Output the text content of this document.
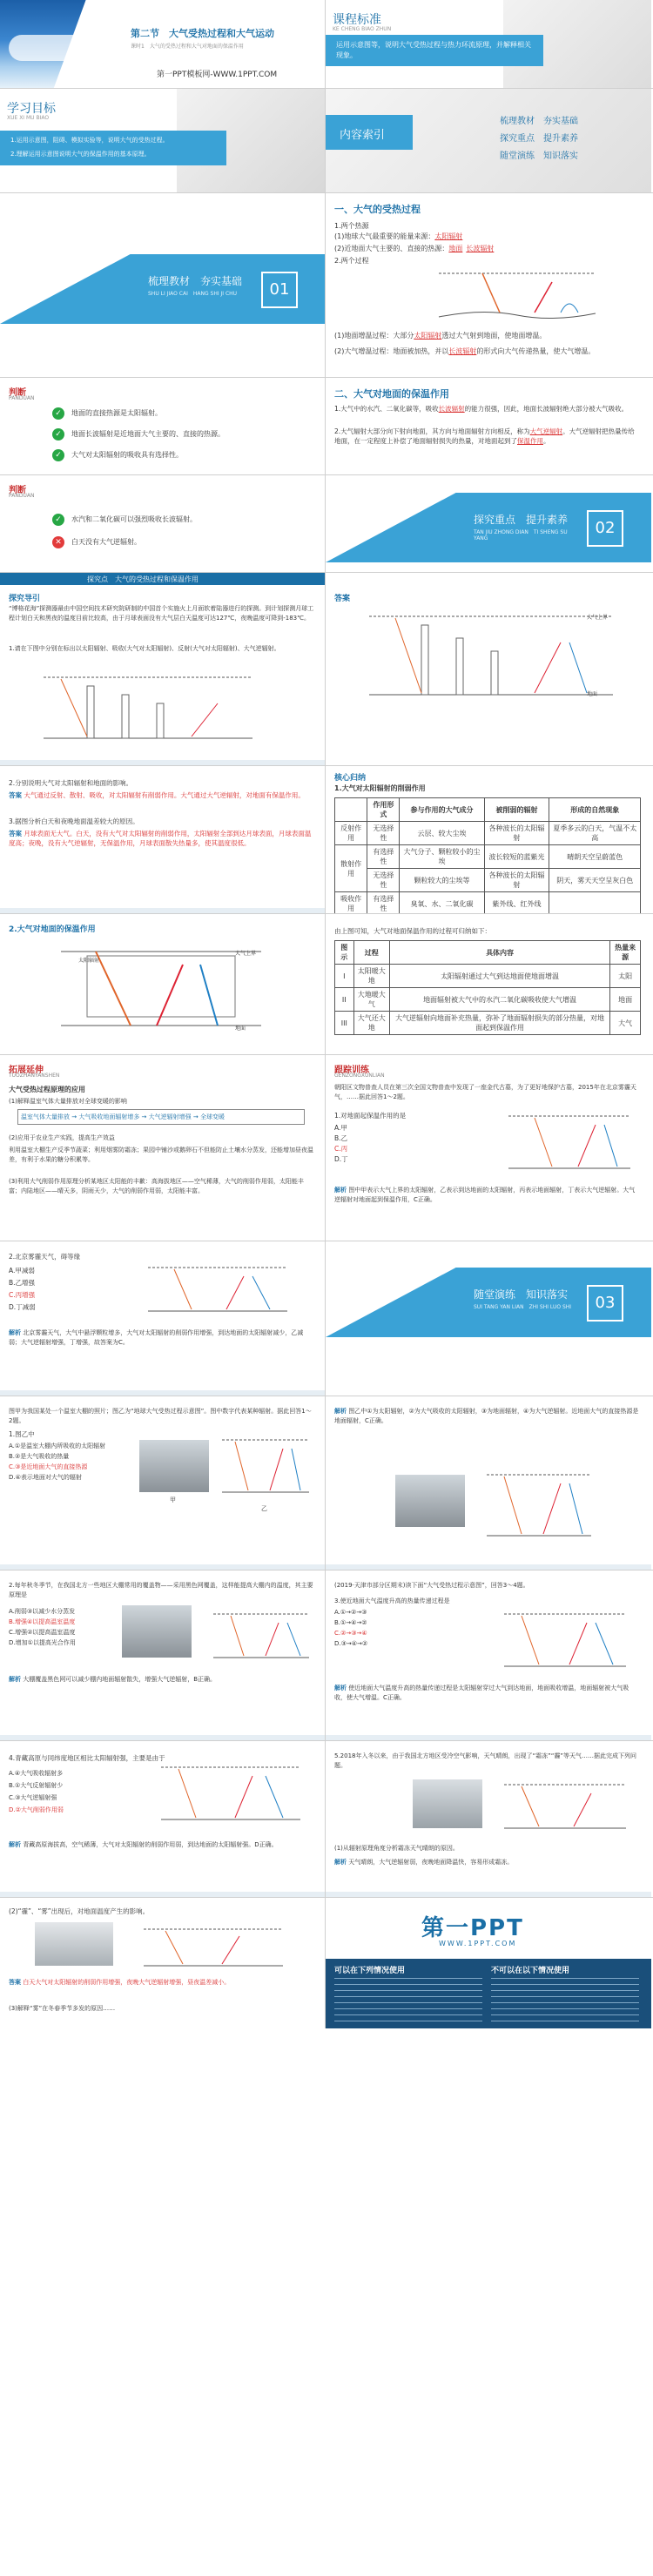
第二节　大气受热过程和大气运动
课时1　大气的受热过程和大气对地面的保温作用
第一PPT模板网-WWW.1PPT.COM
课程标准
KE CHENG BIAO ZHUN
运用示意图等，说明大气受热过程与热力环流原理，并解释相关现象。
学习目标
XUE XI MU BIAO
1.运用示意图，阻碍、模拟实验等，说明大气的受热过程。
2.理解运用示意图说明大气的保温作用的基本原理。
内容索引
梳理教材　夯实基础
探究重点　提升素养
随堂演练　知识落实
梳理教材　夯实基础
SHU LI JIAO CAI　HANG SHI JI CHU	01
一、大气的受热过程
1.两个热源
(1)地球大气最重要的能量来源：太阳辐射
(2)近地面大气主要的、直接的热源：地面 长波辐射
2.两个过程
(1)地面增温过程：大部分太阳辐射透过大气射到地面，使地面增温。
(2)大气增温过程：地面被加热，并以长波辐射的形式向大气传递热量，使大气增温。
判断
PANDUAN
✓ 地面的直接热源是太阳辐射。
✓ 地面长波辐射是近地面大气主要的、直接的热源。
✓ 大气对太阳辐射的吸收具有选择性。
二、大气对地面的保温作用
1.大气中的水汽、二氧化碳等，吸收长波辐射的能力很强，因此，地面长波辐射绝大部分被大气吸收。
2.大气辐射大部分向下射向地面，其方向与地面辐射方向相反，称为大气逆辐射。大气逆辐射把热量传给地面，在一定程度上补偿了地面辐射损失的热量，对地面起到了保温作用。
判断
PANDUAN
✓ 水汽和二氧化碳可以强烈吸收长波辐射。
✕ 白天没有大气逆辐射。
探究重点　提升素养
TAN JIU ZHONG DIAN　TI SHENG SU YANG
02
探究点　大气的受热过程和保温作用
探究导引
“博格花海”探测器最由中国空间技术研究院研制的中国首个实施火上月面软着陆器进行的探测。到计划探测月球工程计划白天和黑夜的温度目前比较高，由于月球表面没有大气层白天温度可达127℃，夜晚温度可降到-183℃。
1.请在下图中分别在标出以太阳辐射、吸收(大气对太阳辐射)、反射(大气对太阳辐射)、大气逆辐射。
答案
大气上界
地面
2.分别说明大气对太阳辐射和地面的影响。
答案 大气通过反射、散射、吸收，对太阳辐射有削弱作用。大气通过大气逆辐射，对地面有保温作用。
3.据图分析白天和夜晚地面温差较大的原因。
答案 月球表面无大气。白天，没有大气对太阳辐射的削弱作用，太阳辐射全部到达月球表面，月球表面温度高；夜晚，没有大气逆辐射，无保温作用，月球表面散失热量多，使其温度很低。
核心归纳
1.大气对太阳辐射的削弱作用
	作用形式	参与作用的大气成分	被削弱的辐射	形成的自然现象
反射作用	无选择性	云层、较大尘埃	各种波长的太阳辐射	夏季多云的白天，气温不太高
散射作用	有选择性	大气分子、颗粒较小的尘埃	波长较短的蓝紫光	晴朗天空呈蔚蓝色
	无选择性	颗粒较大的尘埃等	各种波长的太阳辐射	阴天，雾天天空呈灰白色
吸收作用	有选择性	臭氧、水、二氧化碳	紫外线、红外线	
2.大气对地面的保温作用
太阳辐射
大气上界
地面
由上图可知，大气对地面保温作用的过程可归纳如下：
图示	过程	具体内容	热量来源
I	太阳暖大地	太阳辐射通过大气到达地面使地面增温	太阳
II	大地暖大气	地面辐射被大气中的水汽二氧化碳吸收使大气增温	地面
III	大气还大地	大气逆辐射向地面补充热量，弥补了地面辐射损失的部分热量，对地面起到保温作用	大气
拓展延伸
TUOZHANYANSHEN
大气受热过程原理的应用
(1)解释温室气体大量排放对全球变暖的影响
温室气体大量排放 → 大气吸收地面辐射增多 → 大气逆辐射增强 → 全球变暖
(2)应用于农业生产实践，提高生产效益
利用温室大棚生产反季节蔬菜；利用烟雾防霜冻；果园中铺沙或鹅卵石不但能防止土壤水分蒸发，还能增加昼夜温差，有利于水果的糖分积累等。
(3)利用大气削弱作用原理分析某地区太阳能的丰歉：高海拔地区——空气稀薄，大气的削弱作用弱，太阳能丰富；内陆地区——晴天多，阴雨天少，大气的削弱作用弱，太阳能丰富。
跟踪训练
GENZONGXUNLIAN
朝阳区文物普查人员在第三次全国文物普查中发现了一座金代古墓，为了更好地保护古墓，2015年在北京雾霾天气，……据此回答1～2题。
1.对地面起保温作用的是
A.甲
B.乙
C.丙
D.丁
解析 图中甲表示大气上界的太阳辐射，乙表示到达地面的太阳辐射，丙表示地面辐射，丁表示大气逆辐射。大气逆辐射对地面起到保温作用，C正确。
2.北京雾霾天气，碍等缘
A.甲减弱
B.乙增强
C.丙增强
D.丁减弱
解析 北京雾霾天气，大气中悬浮颗粒增多，大气对太阳辐射的削弱作用增强，到达地面的太阳辐射减少，乙减弱；大气逆辐射增强，丁增强，故答案为C。
随堂演练　知识落实
SUI TANG YAN LIAN　ZHI SHI LUO SHI	03
图甲为我国某处一个温室大棚的照片；图乙为“地球大气受热过程示意图”。图中数字代表某种辐射。据此回答1～2题。
1.图乙中
A.①是温室大棚内所吸收的太阳辐射
B.②是大气吸收的热量
C.③是近地面大气的直接热源
D.④表示地面对大气的辐射
甲
乙
解析 图乙中①为太阳辐射，②为大气吸收的太阳辐射，③为地面辐射，④为大气逆辐射。近地面大气的直接热源是地面辐射，C正确。
2.每年秋冬季节，在我国北方一些地区大棚常用的覆盖物——采用黑色网覆盖，这样能提高大棚内的温度，其主要原理是
A.削弱③以减少水分蒸发
B.增强④以提高温室温度
C.增强②以提高温室温度
D.增加①以提高光合作用
解析 大棚覆盖黑色网可以减少棚内地面辐射散失，增强大气逆辐射，B正确。
(2019·天津市部分区期末)读下面“大气受热过程示意图”，回答3～4题。
3.使近地面大气温度升高的热量传递过程是
A.①→②→③
B.①→④→②
C.②→③→④
D.③→④→②
解析 使近地面大气温度升高的热量传递过程是太阳辐射穿过大气到达地面，地面吸收增温，地面辐射被大气吸收，使大气增温。C正确。
4.青藏高原与同纬度地区相比太阳辐射强，主要是由于
A.④大气吸收辐射多
B.①大气反射辐射少
C.③大气逆辐射强
D.②大气削弱作用弱
解析 青藏高原海拔高，空气稀薄，大气对太阳辐射的削弱作用弱，到达地面的太阳辐射强。D正确。
5.2018年入冬以来，由于我国北方地区受冷空气影响，天气晴朗，出现了“霜冻”“霾”等天气……据此完成下列问题。
(1)从辐射原理角度分析霜冻天气晴朗的原因。
解析 天气晴朗，大气逆辐射弱，夜晚地面降温快，容易形成霜冻。
(2)“霾”、“雾”出现后，对地面温度产生的影响。
答案 白天大气对太阳辐射的削弱作用增强，夜晚大气逆辐射增强，昼夜温差减小。
(3)解释“雾”在冬春季节多发的原因……
第一PPT
WWW.1PPT.COM
可以在下列情况使用	不可以在以下情况使用
